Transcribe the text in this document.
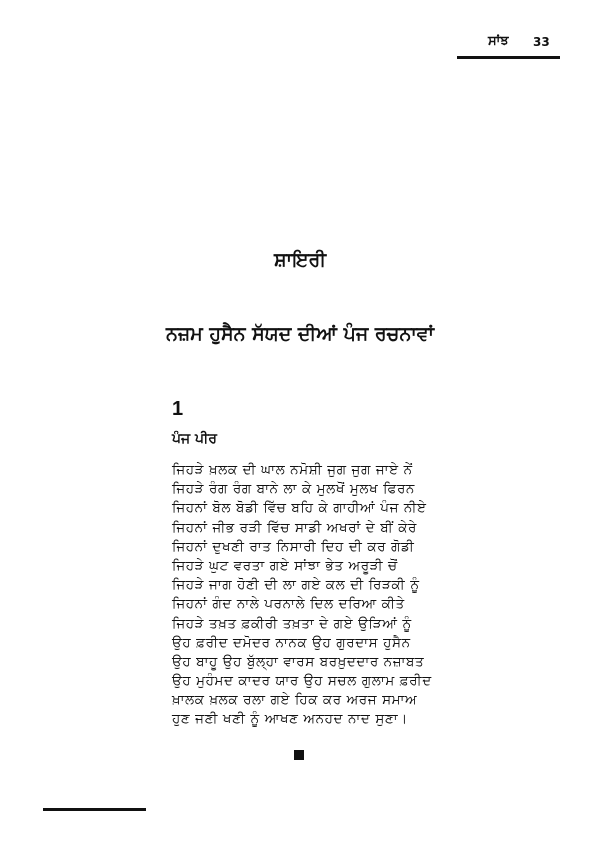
ਸਾਂਝ 33
ਸ਼ਾਇਰੀ
ਨਜ਼ਮ ਹੁਸੈਨ ਸੱਯਦ ਦੀਆਂ ਪੰਜ ਰਚਨਾਵਾਂ
1
ਪੰਜ ਪੀਰ
ਜਿਹੜੇ ਖ਼ਲਕ ਦੀ ਘਾਲ ਨਮੋਸ਼ੀ ਜੁਗ ਜੁਗ ਜਾਏ ਨੇਂ
ਜਿਹੜੇ ਰੰਗ ਰੰਗ ਬਾਨੇ ਲਾ ਕੇ ਮੁਲਖੋਂ ਮੁਲਖ ਫਿਰਨ
ਜਿਹਨਾਂ ਬੋਲ ਬੋਡੀ ਵਿੱਚ ਬਹਿ ਕੇ ਗਾਹੀਆਂ ਪੰਜ ਨੀਏ
ਜਿਹਨਾਂ ਜੀਭ ਰੜੀ ਵਿੱਚ ਸਾਡੀ ਅਖਰਾਂ ਦੇ ਬੀਂ ਕੇਰੇ
ਜਿਹਨਾਂ ਦੁਖਣੀ ਰਾਤ ਨਿਸਾਰੀ ਦਿਹ ਦੀ ਕਰ ਗੋਡੀ
ਜਿਹੜੇ ਘੁਟ ਵਰਤਾ ਗਏ ਸਾਂਝਾ ਭੇਤ ਅਰੂੜੀ ਚੋਂ
ਜਿਹੜੇ ਜਾਗ ਹੋਣੀ ਦੀ ਲਾ ਗਏ ਕਲ ਦੀ ਰਿੜਕੀ ਨੂੰ
ਜਿਹਨਾਂ ਗੰਦ ਨਾਲੇ ਪਰਨਾਲੇ ਦਿਲ ਦਰਿਆ ਕੀਤੇ
ਜਿਹੜੇ ਤਖ਼ਤ ਫ਼ਕੀਰੀ ਤਖ਼ਤਾ ਦੇ ਗਏ ਉੜਿਆਂ ਨੂੰ
ਉਹ ਫ਼ਰੀਦ ਦਮੋਦਰ ਨਾਨਕ ਉਹ ਗੁਰਦਾਸ ਹੁਸੈਨ
ਉਹ ਬਾਹੂ ਉਹ ਬੁੱਲ੍ਹਾ ਵਾਰਸ ਬਰਖ਼ੁਦਦਾਰ ਨਜ਼ਾਬਤ
ਉਹ ਮੁਹੰਮਦ ਕਾਦਰ ਯਾਰ ਉਹ ਸਚਲ ਗੁਲਾਮ ਫ਼ਰੀਦ
ਖ਼ਾਲਕ ਖ਼ਲਕ ਰਲਾ ਗਏ ਹਿਕ ਕਰ ਅਰਜ ਸਮਾਅ
ਹੁਣ ਜਣੀ ਖਣੀ ਨੂੰ ਆਖਣ ਅਨਹਦ ਨਾਦ ਸੁਣਾ।
